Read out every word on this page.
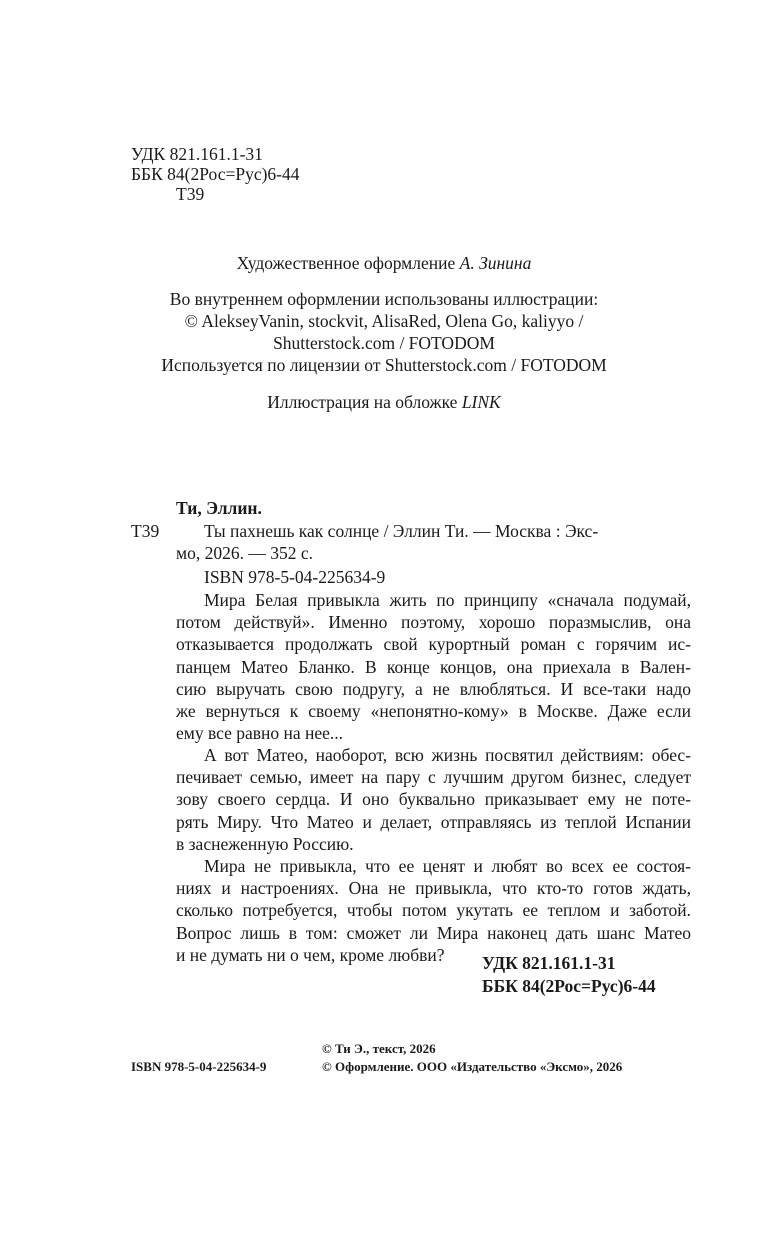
УДК 821.161.1-31
ББК 84(2Рос=Рус)6-44
Т39
Художественное оформление А. Зинина
Во внутреннем оформлении использованы иллюстрации:
© AlekseyVanin, stockvit, AlisaRed, Olena Go, kaliyyo /
Shutterstock.com / FOTODOM
Используется по лицензии от Shutterstock.com / FOTODOM
Иллюстрация на обложке LINK
Ти, Эллин.
Т39	Ты пахнешь как солнце / Эллин Ти. — Москва : Экс-
мо, 2026. — 352 с.
ISBN 978-5-04-225634-9
Мира Белая привыкла жить по принципу «сначала подумай,
потом действуй». Именно поэтому, хорошо поразмыслив, она
отказывается продолжать свой курортный роман с горячим ис-
панцем Матео Бланко. В конце концов, она приехала в Вален-
сию выручать свою подругу, а не влюбляться. И все-таки надо
же вернуться к своему «непонятно-кому» в Москве. Даже если
ему все равно на нее...
А вот Матео, наоборот, всю жизнь посвятил действиям: обес-
печивает семью, имеет на пару с лучшим другом бизнес, следует
зову своего сердца. И оно буквально приказывает ему не поте-
рять Миру. Что Матео и делает, отправляясь из теплой Испании
в заснеженную Россию.
Мира не привыкла, что ее ценят и любят во всех ее состоя-
ниях и настроениях. Она не привыкла, что кто-то готов ждать,
сколько потребуется, чтобы потом укутать ее теплом и заботой.
Вопрос лишь в том: сможет ли Мира наконец дать шанс Матео
и не думать ни о чем, кроме любви?	УДК 821.161.1-31
ББК 84(2Рос=Рус)6-44
© Ти Э., текст, 2026
ISBN 978-5-04-225634-9	© Оформление. ООО «Издательство «Эксмо», 2026
